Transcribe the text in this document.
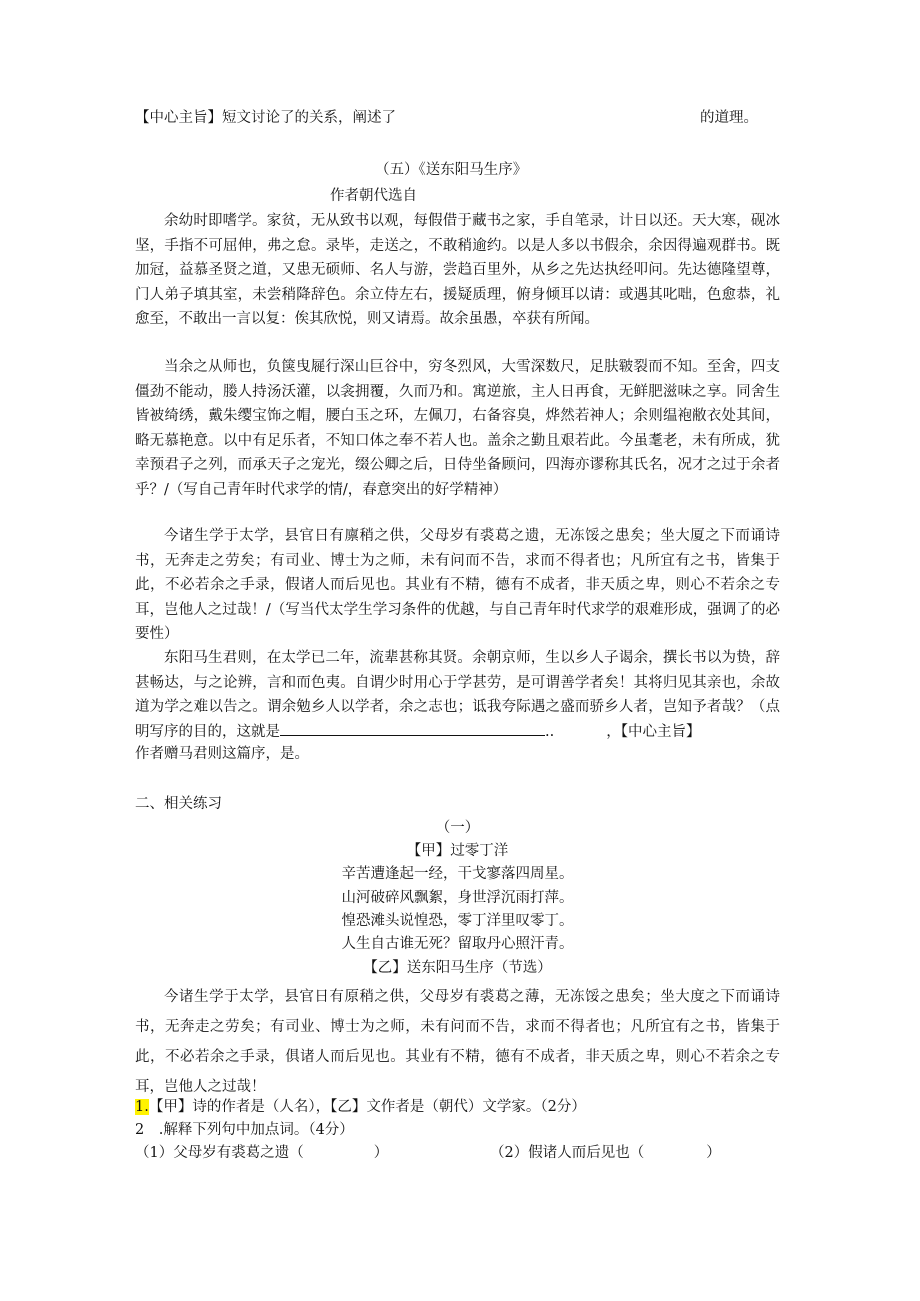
【中心主旨】短文讨论了的关系，阐述了	的道理。
（五）《送东阳马生序》
作者朝代选自
余幼时即嗜学。家贫，无从致书以观，每假借于藏书之家，手自笔录，计日以还。天大寒，砚冰坚，手指不可屈伸，弗之怠。录毕，走送之，不敢稍逾约。以是人多以书假余，余因得遍观群书。既加冠，益慕圣贤之道，又患无硕师、名人与游，尝趋百里外，从乡之先达执经叩问。先达德隆望尊，门人弟子填其室，未尝稍降辞色。余立侍左右，援疑质理，俯身倾耳以请：或遇其叱咄，色愈恭，礼愈至，不敢出一言以复：俟其欣悦，则又请焉。故余虽愚，卒获有所闻。
当余之从师也，负箧曳屣行深山巨谷中，穷冬烈风，大雪深数尺，足肤皲裂而不知。至舍，四支僵劲不能动，媵人持汤沃灌，以衾拥覆，久而乃和。寓逆旅，主人日再食，无鲜肥滋味之享。同舍生皆被绮绣，戴朱缨宝饰之帽，腰白玉之环，左佩刀，右备容臭，烨然若神人；余则缊袍敝衣处其间，略无慕艳意。以中有足乐者，不知口体之奉不若人也。盖余之勤且艰若此。今虽耄老，未有所成，犹幸预君子之列，而承天子之宠光，缀公卿之后，日侍坐备顾问，四海亦谬称其氏名，况才之过于余者乎？/（写自己青年时代求学的情/，春意突出的好学精神）
今诸生学于太学，县官日有廪稍之供，父母岁有裘葛之遗，无冻馁之患矣；坐大厦之下而诵诗书，无奔走之劳矣；有司业、博士为之师，未有问而不告，求而不得者也；凡所宜有之书，皆集于此，不必若余之手录，假诸人而后见也。其业有不精，德有不成者，非天质之卑，则心不若余之专耳，岂他人之过哉！/（写当代太学生学习条件的优越，与自己青年时代求学的艰难形成，强调了的必要性）
东阳马生君则，在太学已二年，流辈甚称其贤。余朝京师，生以乡人子谒余，撰长书以为贽，辞甚畅达，与之论辨，言和而色夷。自谓少时用心于学甚劳，是可谓善学者矣！其将归见其亲也，余故道为学之难以告之。谓余勉乡人以学者，余之志也；诋我夸际遇之盛而骄乡人者，岂知予者哉？（点明写序的目的，这就是	..	，【中心主旨】
作者赠马君则这篇序，是。
二、相关练习
（一）
【甲】过零丁洋
辛苦遭逢起一经，干戈寥落四周星。
山河破碎风飘絮，身世浮沉雨打萍。
惶恐滩头说惶恐，零丁洋里叹零丁。
人生自古谁无死？留取丹心照汗青。
【乙】送东阳马生序（节选）
今诸生学于太学，县官日有原稍之供，父母岁有裘葛之薄，无冻馁之患矣；坐大度之下而诵诗书，无奔走之劳矣；有司业、博士为之师，未有问而不告，求而不得者也；凡所宜有之书，皆集于此，不必若余之手录，俱诸人而后见也。其业有不精，德有不成者，非天质之卑，则心不若余之专耳，岂他人之过哉！
1.【甲】诗的作者是（人名），【乙】文作者是（朝代）文学家。（2分）
2　.解释下列句中加点词。（4分）
（1）父母岁有裘葛之遗（	）	（2）假诸人而后见也（	）
